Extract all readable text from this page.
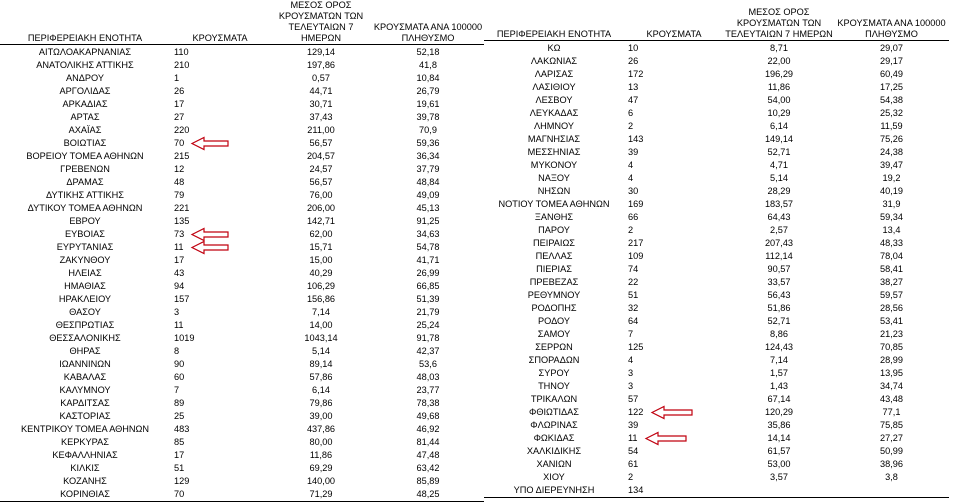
ΠΕΡΙΦΕΡΕΙΑΚΗ ΕΝΟΤΗΤΑ	ΚΡΟΥΣΜΑΤΑ	ΜΕΣΟΣ ΟΡΟΣ ΚΡΟΥΣΜΑΤΩΝ ΤΩΝ ΤΕΛΕΥΤΑΙΩΝ 7 ΗΜΕΡΩΝ	ΚΡΟΥΣΜΑΤΑ ΑΝΑ 100000 ΠΛΗΘΥΣΜΟ
ΑΙΤΩΛΟΑΚΑΡΝΑΝΙΑΣ	110	129,14	52,18
ΑΝΑΤΟΛΙΚΗΣ ΑΤΤΙΚΗΣ	210	197,86	41,8
ΑΝΔΡΟΥ	1	0,57	10,84
ΑΡΓΟΛΙΔΑΣ	26	44,71	26,79
ΑΡΚΑΔΙΑΣ	17	30,71	19,61
ΑΡΤΑΣ	27	37,43	39,78
ΑΧΑΪΑΣ	220	211,00	70,9
ΒΟΙΩΤΙΑΣ	70	56,57	59,36
ΒΟΡΕΙΟΥ ΤΟΜΕΑ ΑΘΗΝΩΝ	215	204,57	36,34
ΓΡΕΒΕΝΩΝ	12	24,57	37,79
ΔΡΑΜΑΣ	48	56,57	48,84
ΔΥΤΙΚΗΣ ΑΤΤΙΚΗΣ	79	76,00	49,09
ΔΥΤΙΚΟΥ ΤΟΜΕΑ ΑΘΗΝΩΝ	221	206,00	45,13
ΕΒΡΟΥ	135	142,71	91,25
ΕΥΒΟΙΑΣ	73	62,00	34,63
ΕΥΡΥΤΑΝΙΑΣ	11	15,71	54,78
ΖΑΚΥΝΘΟΥ	17	15,00	41,71
ΗΛΕΙΑΣ	43	40,29	26,99
ΗΜΑΘΙΑΣ	94	106,29	66,85
ΗΡΑΚΛΕΙΟΥ	157	156,86	51,39
ΘΑΣΟΥ	3	7,14	21,79
ΘΕΣΠΡΩΤΙΑΣ	11	14,00	25,24
ΘΕΣΣΑΛΟΝΙΚΗΣ	1019	1043,14	91,78
ΘΗΡΑΣ	8	5,14	42,37
ΙΩΑΝΝΙΝΩΝ	90	89,14	53,6
ΚΑΒΑΛΑΣ	60	57,86	48,03
ΚΑΛΥΜΝΟΥ	7	6,14	23,77
ΚΑΡΔΙΤΣΑΣ	89	79,86	78,38
ΚΑΣΤΟΡΙΑΣ	25	39,00	49,68
ΚΕΝΤΡΙΚΟΥ ΤΟΜΕΑ ΑΘΗΝΩΝ	483	437,86	46,92
ΚΕΡΚΥΡΑΣ	85	80,00	81,44
ΚΕΦΑΛΛΗΝΙΑΣ	17	11,86	47,48
ΚΙΛΚΙΣ	51	69,29	63,42
ΚΟΖΑΝΗΣ	129	140,00	85,89
ΚΟΡΙΝΘΙΑΣ	70	71,29	48,25
ΠΕΡΙΦΕΡΕΙΑΚΗ ΕΝΟΤΗΤΑ	ΚΡΟΥΣΜΑΤΑ	ΜΕΣΟΣ ΟΡΟΣ ΚΡΟΥΣΜΑΤΩΝ ΤΩΝ ΤΕΛΕΥΤΑΙΩΝ 7 ΗΜΕΡΩΝ	ΚΡΟΥΣΜΑΤΑ ΑΝΑ 100000 ΠΛΗΘΥΣΜΟ
ΚΩ	10	8,71	29,07
ΛΑΚΩΝΙΑΣ	26	22,00	29,17
ΛΑΡΙΣΑΣ	172	196,29	60,49
ΛΑΣΙΘΙΟΥ	13	11,86	17,25
ΛΕΣΒΟΥ	47	54,00	54,38
ΛΕΥΚΑΔΑΣ	6	10,29	25,32
ΛΗΜΝΟΥ	2	6,14	11,59
ΜΑΓΝΗΣΙΑΣ	143	149,14	75,26
ΜΕΣΣΗΝΙΑΣ	39	52,71	24,38
ΜΥΚΟΝΟΥ	4	4,71	39,47
ΝΑΞΟΥ	4	5,14	19,2
ΝΗΣΩΝ	30	28,29	40,19
ΝΟΤΙΟΥ ΤΟΜΕΑ ΑΘΗΝΩΝ	169	183,57	31,9
ΞΑΝΘΗΣ	66	64,43	59,34
ΠΑΡΟΥ	2	2,57	13,4
ΠΕΙΡΑΙΩΣ	217	207,43	48,33
ΠΕΛΛΑΣ	109	112,14	78,04
ΠΙΕΡΙΑΣ	74	90,57	58,41
ΠΡΕΒΕΖΑΣ	22	33,57	38,27
ΡΕΘΥΜΝΟΥ	51	56,43	59,57
ΡΟΔΟΠΗΣ	32	51,86	28,56
ΡΟΔΟΥ	64	52,71	53,41
ΣΑΜΟΥ	7	8,86	21,23
ΣΕΡΡΩΝ	125	124,43	70,85
ΣΠΟΡΑΔΩΝ	4	7,14	28,99
ΣΥΡΟΥ	3	1,57	13,95
ΤΗΝΟΥ	3	1,43	34,74
ΤΡΙΚΑΛΩΝ	57	67,14	43,48
ΦΘΙΩΤΙΔΑΣ	122	120,29	77,1
ΦΛΩΡΙΝΑΣ	39	35,86	75,85
ΦΩΚΙΔΑΣ	11	14,14	27,27
ΧΑΛΚΙΔΙΚΗΣ	54	61,57	50,99
ΧΑΝΙΩΝ	61	53,00	38,96
ΧΙΟΥ	2	3,57	3,8
ΥΠΟ ΔΙΕΡΕΥΝΗΣΗ	134		
